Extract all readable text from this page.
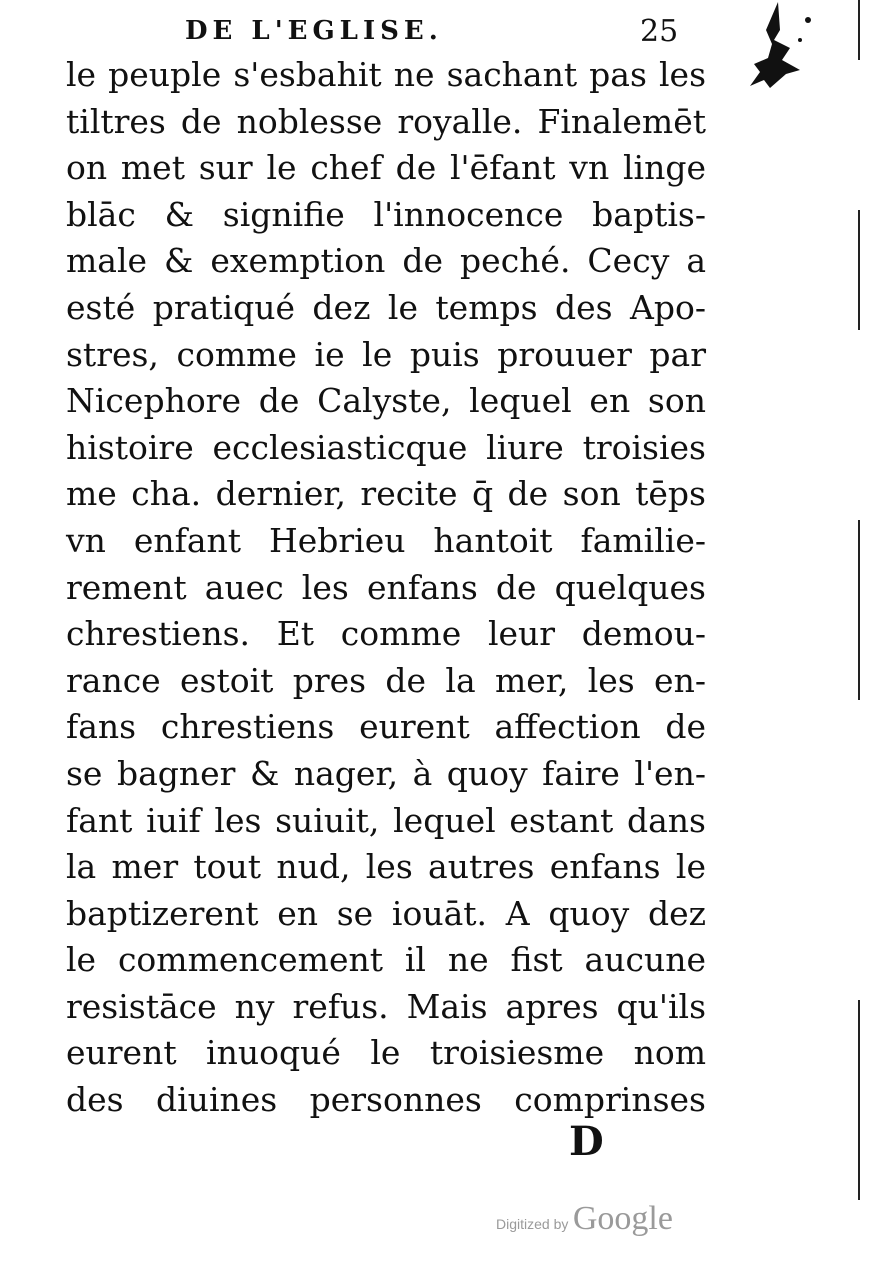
DE L'EGLISE.	25
le peuple s'esbahit ne sachant pas les
tiltres de noblesse royalle. Finalemēt
on met sur le chef de l'ēfant vn linge
blāc & signifie l'innocence baptis-
male & exemption de peché. Cecy a
esté pratiqué dez le temps des Apo-
stres, comme ie le puis prouuer par
Nicephore de Calyste, lequel en son
histoire ecclesiasticque liure troisies
me cha. dernier, recite q̄ de son tēps
vn enfant Hebrieu hantoit familie-
rement auec les enfans de quelques
chrestiens. Et comme leur demou-
rance estoit pres de la mer, les en-
fans chrestiens eurent affection de
se bagner & nager, à quoy faire l'en-
fant iuif les suiuit, lequel estant dans
la mer tout nud, les autres enfans le
baptizerent en se iouāt. A quoy dez
le commencement il ne fist aucune
resistāce ny refus. Mais apres qu'ils
eurent inuoqué le troisiesme nom
des diuines personnes comprinses
D
Digitized by Google
